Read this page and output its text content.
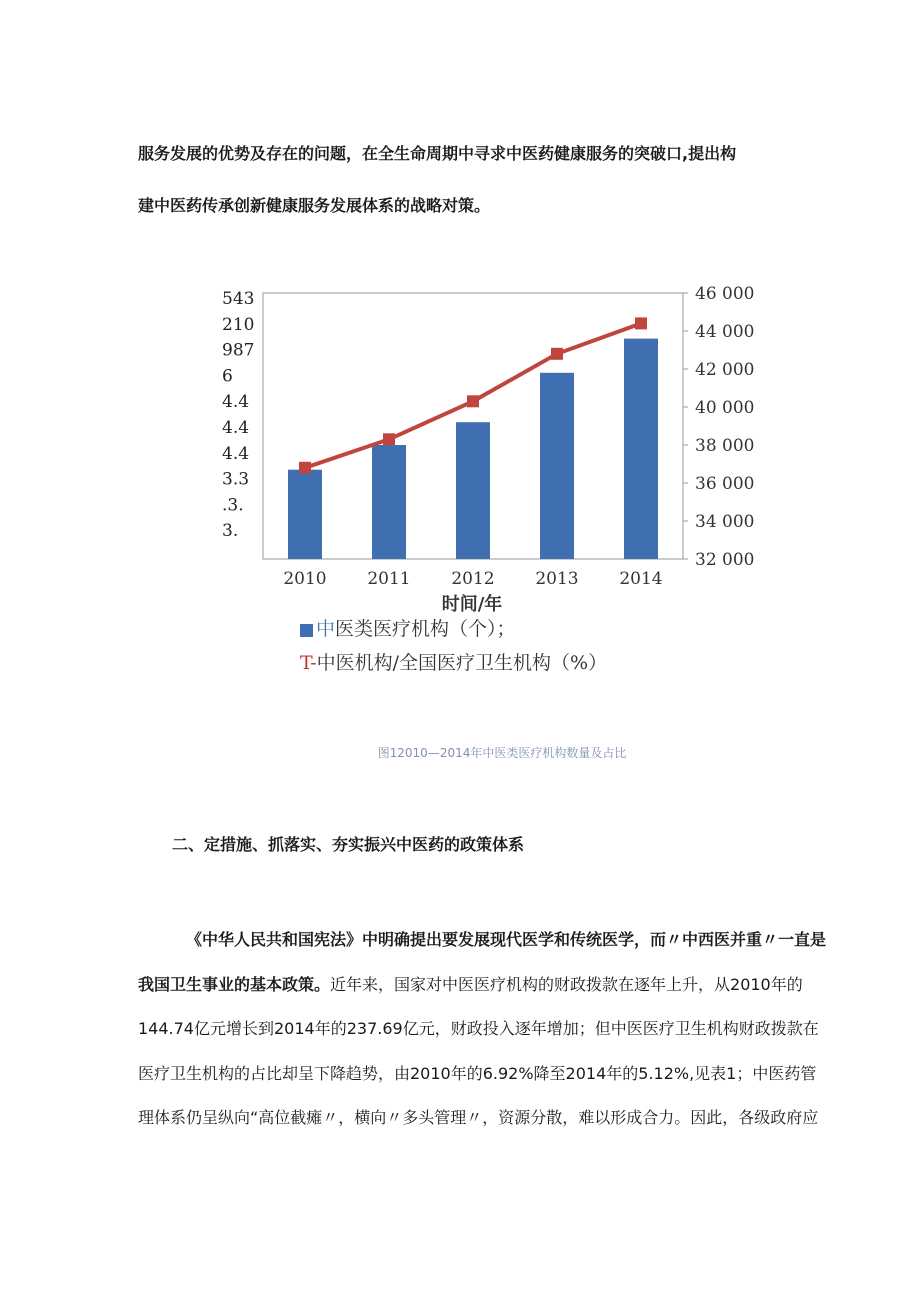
服务发展的优势及存在的问题，在全生命周期中寻求中医药健康服务的突破口,提出构
建中医药传承创新健康服务发展体系的战略对策。

32 000
34 000
36 000
38 000
40 000
42 000
44 000
46 000
543
210
987
6
4.4
4.4
4.4
3.3
.3.
3.
2010 2011 2012 2013 2014
时间/年

中医类医疗机构（个）；

T-中医机构/全国医疗卫生机构（%）

图12010—2014年中医类医疗机构数量及占比

二、定措施、抓落实、夯实振兴中医药的政策体系

《中华人民共和国宪法》中明确提出要发展现代医学和传统医学，而〃中西医并重〃一直是
我国卫生事业的基本政策。近年来，国家对中医医疗机构的财政拨款在逐年上升，从2010年的
144.74亿元增长到2014年的237.69亿元，财政投入逐年增加；但中医医疗卫生机构财政拨款在
医疗卫生机构的占比却呈下降趋势，由2010年的6.92%降至2014年的5.12%,见表1；中医药管
理体系仍呈纵向“高位截瘫〃，横向〃多头管理〃，资源分散，难以形成合力。因此，各级政府应
